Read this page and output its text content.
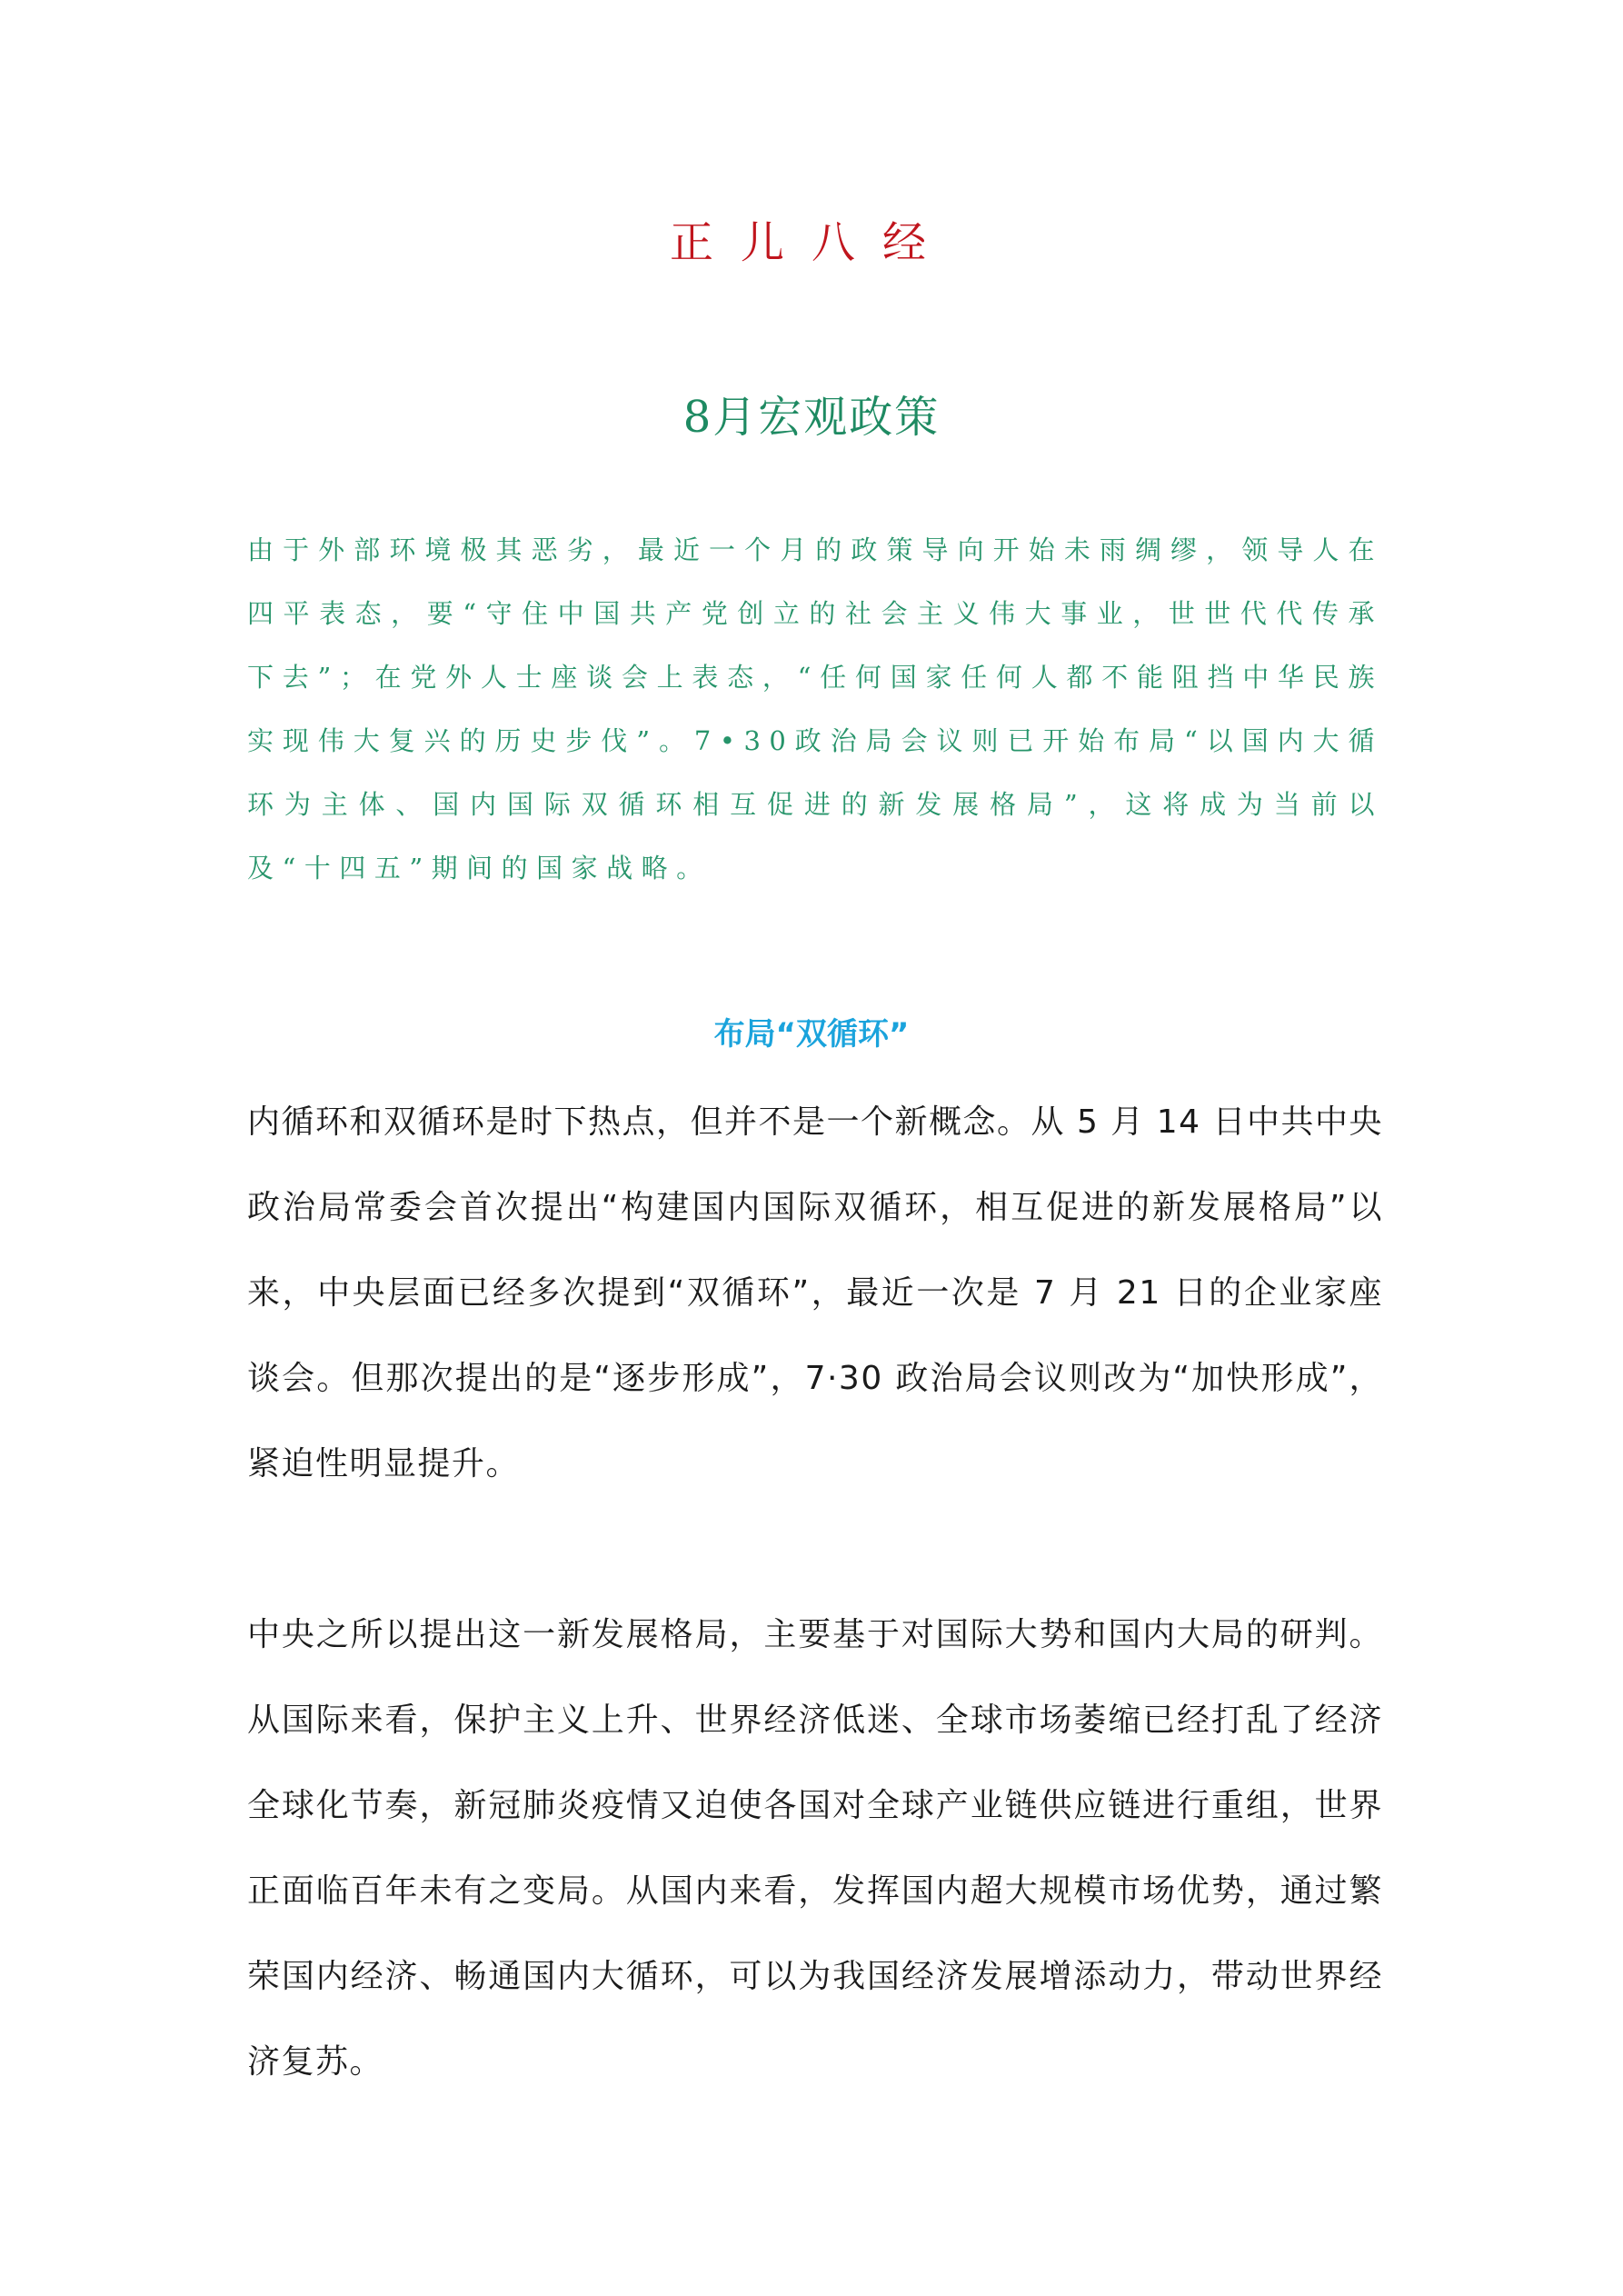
正儿八经
8月宏观政策

由于外部环境极其恶劣，最近一个月的政策导向开始未雨绸缪，领导人在四平表态，要“守住中国共产党创立的社会主义伟大事业，世世代代传承下去”；在党外人士座谈会上表态，“任何国家任何人都不能阻挡中华民族实现伟大复兴的历史步伐”。7•30政治局会议则已开始布局“以国内大循环为主体、国内国际双循环相互促进的新发展格局”，这将成为当前以及“十四五”期间的国家战略。

布局“双循环”

内循环和双循环是时下热点，但并不是一个新概念。从 5 月 14 日中共中央政治局常委会首次提出“构建国内国际双循环，相互促进的新发展格局”以来，中央层面已经多次提到“双循环”，最近一次是 7 月 21 日的企业家座谈会。但那次提出的是“逐步形成”，7·30 政治局会议则改为“加快形成”，紧迫性明显提升。

中央之所以提出这一新发展格局，主要基于对国际大势和国内大局的研判。从国际来看，保护主义上升、世界经济低迷、全球市场萎缩已经打乱了经济全球化节奏，新冠肺炎疫情又迫使各国对全球产业链供应链进行重组，世界正面临百年未有之变局。从国内来看，发挥国内超大规模市场优势，通过繁荣国内经济、畅通国内大循环，可以为我国经济发展增添动力，带动世界经济复苏。
